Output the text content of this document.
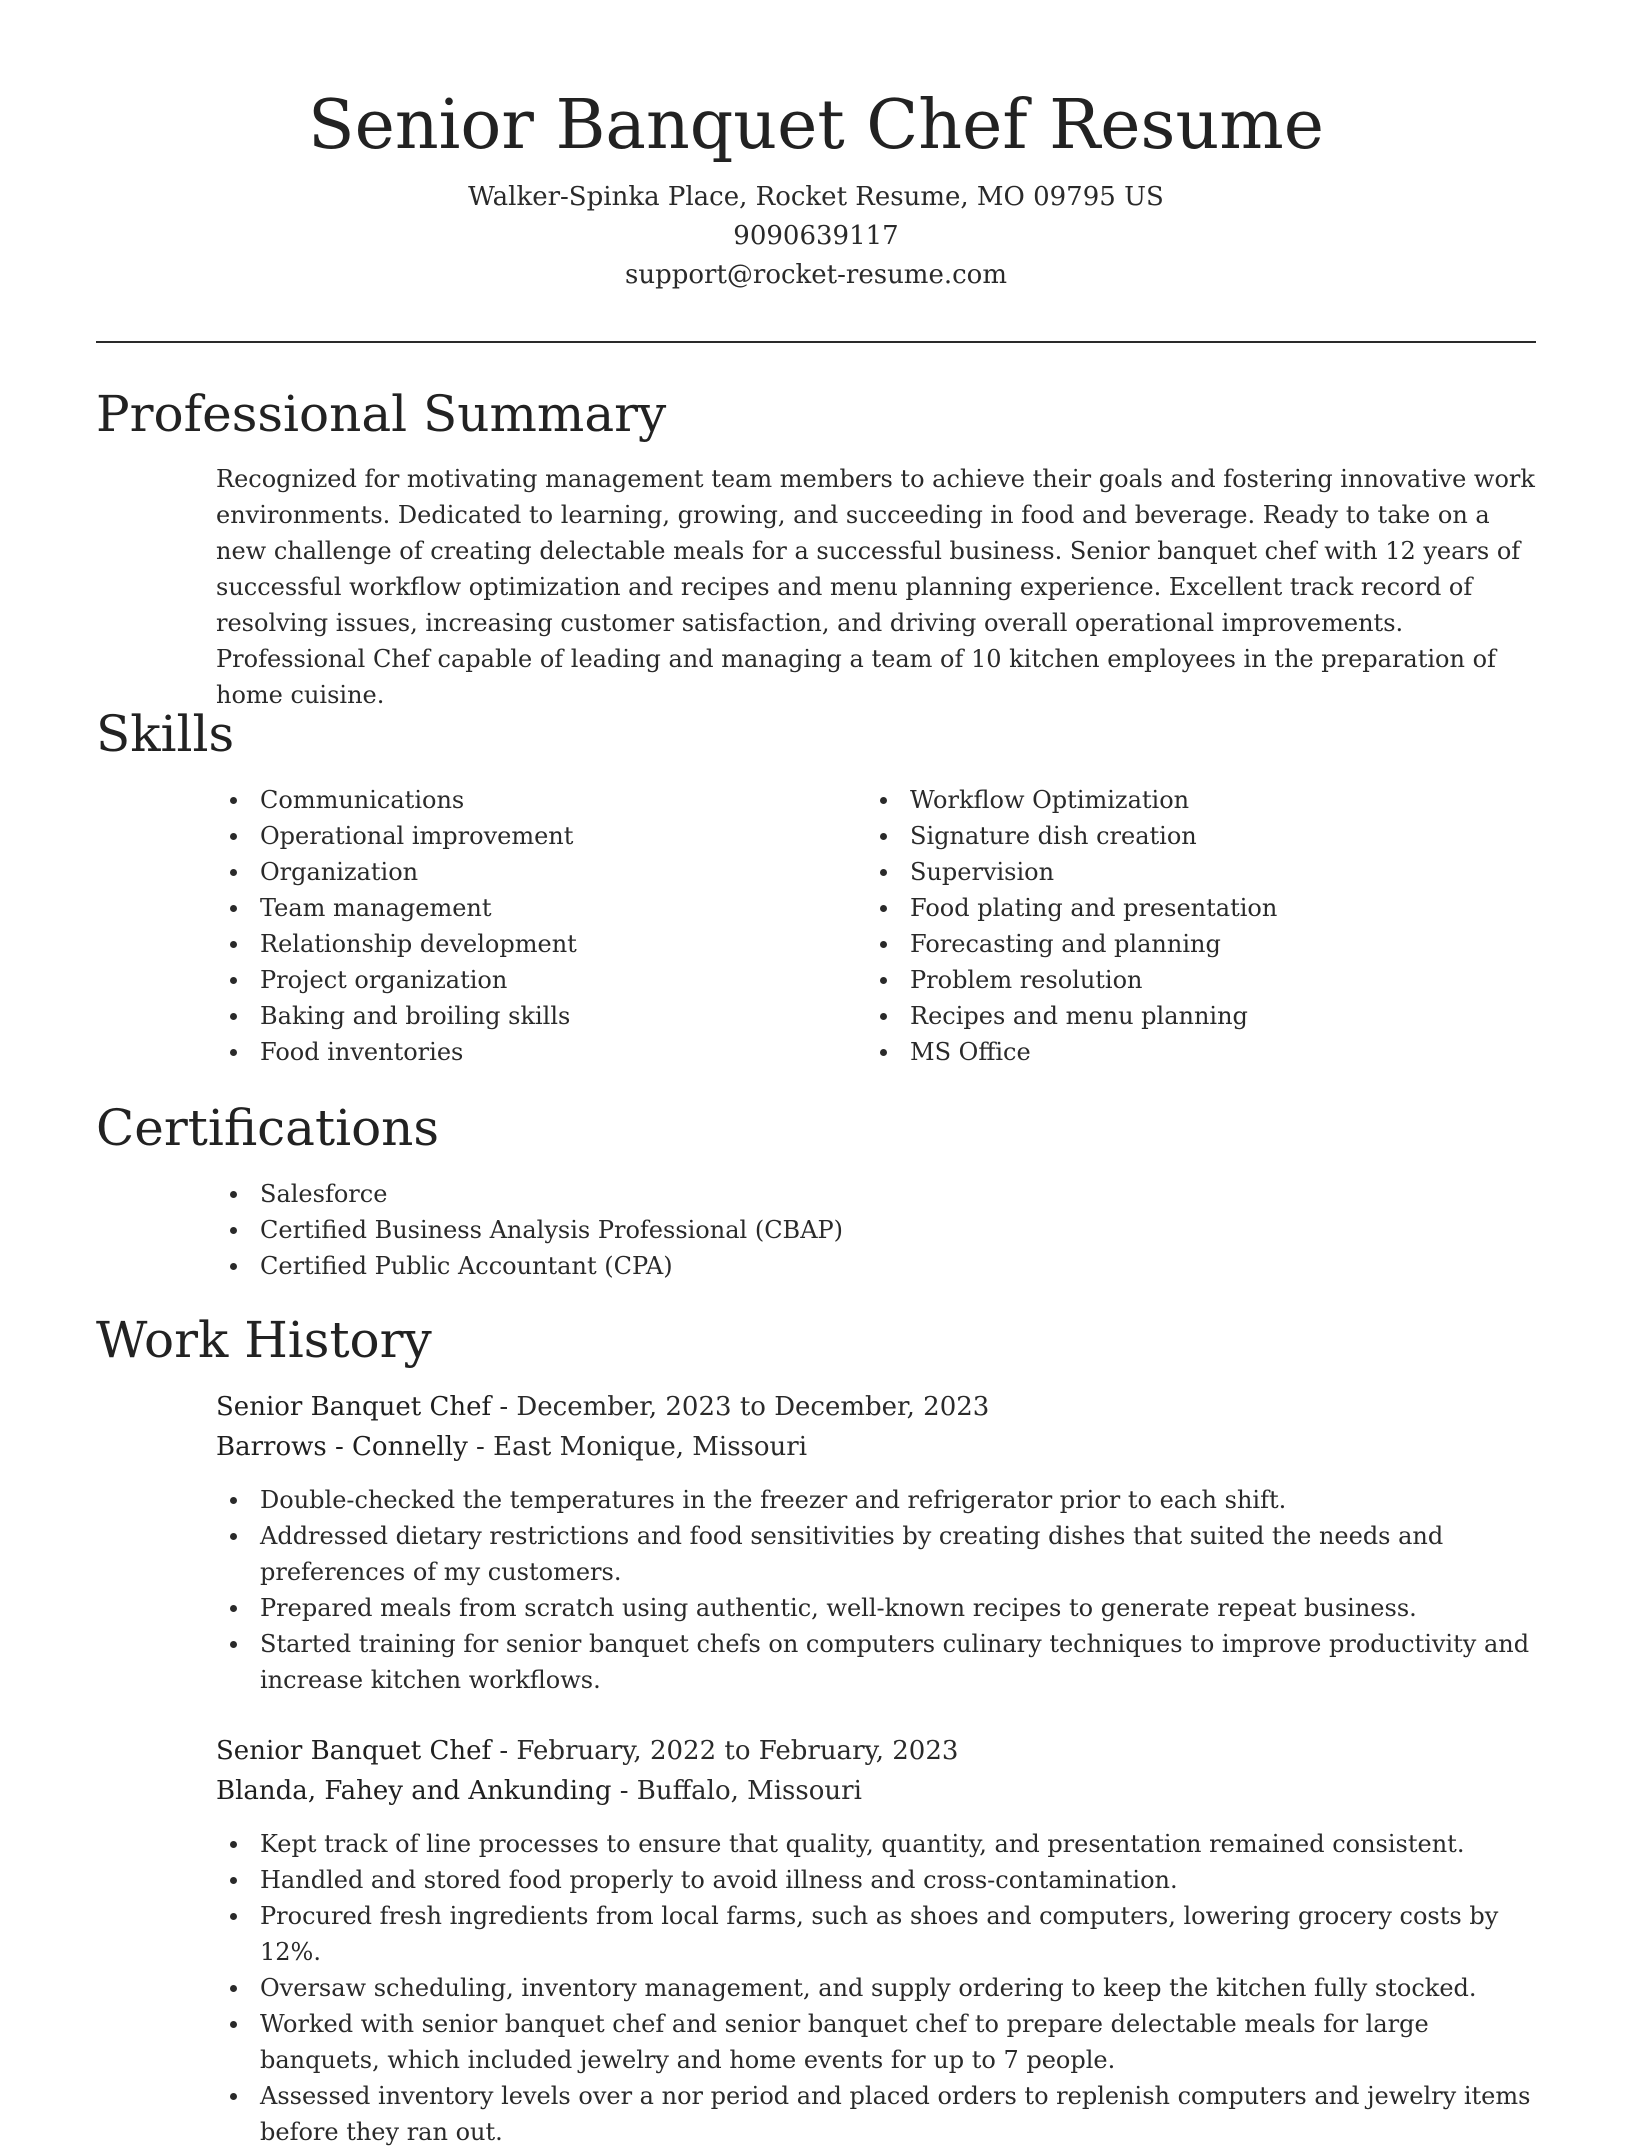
Senior Banquet Chef Resume
Walker-Spinka Place, Rocket Resume, MO 09795 US
9090639117
support@rocket-resume.com
Professional Summary
Recognized for motivating management team members to achieve their goals and fostering innovative work environments. Dedicated to learning, growing, and succeeding in food and beverage. Ready to take on a new challenge of creating delectable meals for a successful business. Senior banquet chef with 12 years of successful workflow optimization and recipes and menu planning experience. Excellent track record of resolving issues, increasing customer satisfaction, and driving overall operational improvements. Professional Chef capable of leading and managing a team of 10 kitchen employees in the preparation of home cuisine.
Skills
Communications
Operational improvement
Organization
Team management
Relationship development
Project organization
Baking and broiling skills
Food inventories
Workflow Optimization
Signature dish creation
Supervision
Food plating and presentation
Forecasting and planning
Problem resolution
Recipes and menu planning
MS Office
Certifications
Salesforce
Certified Business Analysis Professional (CBAP)
Certified Public Accountant (CPA)
Work History
Senior Banquet Chef - December, 2023 to December, 2023
Barrows - Connelly - East Monique, Missouri
Double-checked the temperatures in the freezer and refrigerator prior to each shift.
Addressed dietary restrictions and food sensitivities by creating dishes that suited the needs and preferences of my customers.
Prepared meals from scratch using authentic, well-known recipes to generate repeat business.
Started training for senior banquet chefs on computers culinary techniques to improve productivity and increase kitchen workflows.
Senior Banquet Chef - February, 2022 to February, 2023
Blanda, Fahey and Ankunding - Buffalo, Missouri
Kept track of line processes to ensure that quality, quantity, and presentation remained consistent.
Handled and stored food properly to avoid illness and cross-contamination.
Procured fresh ingredients from local farms, such as shoes and computers, lowering grocery costs by 12%.
Oversaw scheduling, inventory management, and supply ordering to keep the kitchen fully stocked.
Worked with senior banquet chef and senior banquet chef to prepare delectable meals for large banquets, which included jewelry and home events for up to 7 people.
Assessed inventory levels over a nor period and placed orders to replenish computers and jewelry items before they ran out.
